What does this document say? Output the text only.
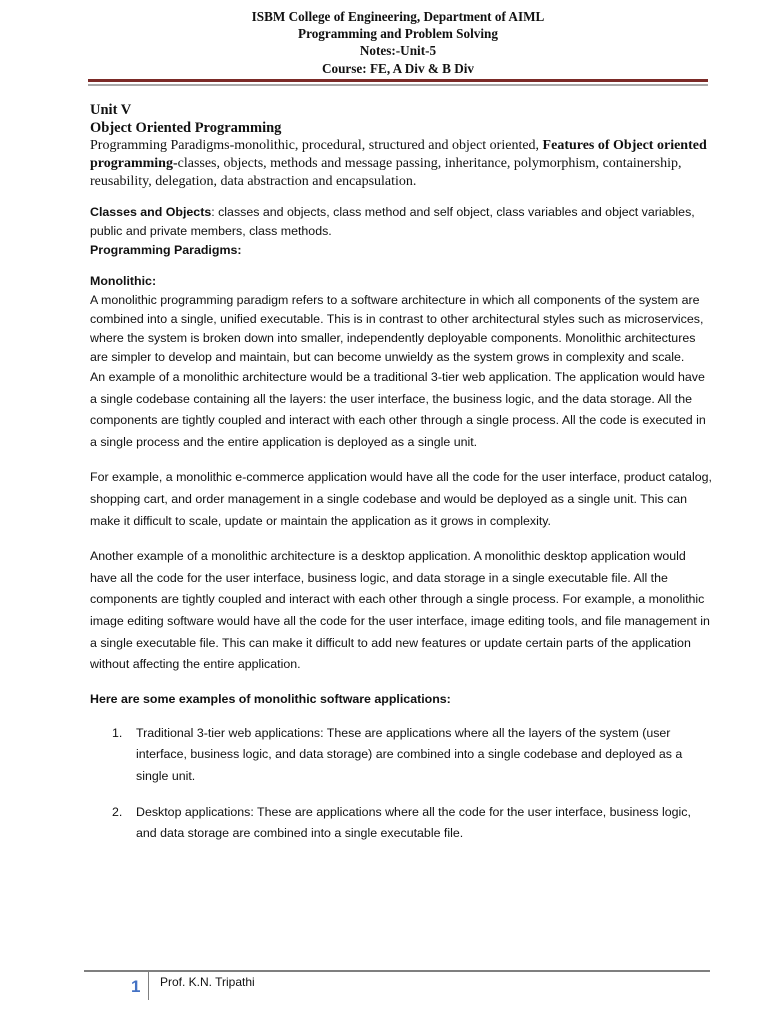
ISBM College of Engineering, Department of AIML
Programming and Problem Solving
Notes:-Unit-5
Course: FE, A Div & B Div
Unit V
Object Oriented Programming
Programming Paradigms-monolithic, procedural, structured and object oriented, Features of Object oriented programming-classes, objects, methods and message passing, inheritance, polymorphism, containership, reusability, delegation, data abstraction and encapsulation.
Classes and Objects: classes and objects, class method and self object, class variables and object variables, public and private members, class methods.
Programming Paradigms:
Monolithic:
A monolithic programming paradigm refers to a software architecture in which all components of the system are combined into a single, unified executable. This is in contrast to other architectural styles such as microservices, where the system is broken down into smaller, independently deployable components. Monolithic architectures are simpler to develop and maintain, but can become unwieldy as the system grows in complexity and scale.
An example of a monolithic architecture would be a traditional 3-tier web application. The application would have a single codebase containing all the layers: the user interface, the business logic, and the data storage. All the components are tightly coupled and interact with each other through a single process. All the code is executed in a single process and the entire application is deployed as a single unit.
For example, a monolithic e-commerce application would have all the code for the user interface, product catalog, shopping cart, and order management in a single codebase and would be deployed as a single unit. This can make it difficult to scale, update or maintain the application as it grows in complexity.
Another example of a monolithic architecture is a desktop application. A monolithic desktop application would have all the code for the user interface, business logic, and data storage in a single executable file. All the components are tightly coupled and interact with each other through a single process. For example, a monolithic image editing software would have all the code for the user interface, image editing tools, and file management in a single executable file. This can make it difficult to add new features or update certain parts of the application without affecting the entire application.
Here are some examples of monolithic software applications:
1. Traditional 3-tier web applications: These are applications where all the layers of the system (user interface, business logic, and data storage) are combined into a single codebase and deployed as a single unit.
2. Desktop applications: These are applications where all the code for the user interface, business logic, and data storage are combined into a single executable file.
1 Prof. K.N. Tripathi
